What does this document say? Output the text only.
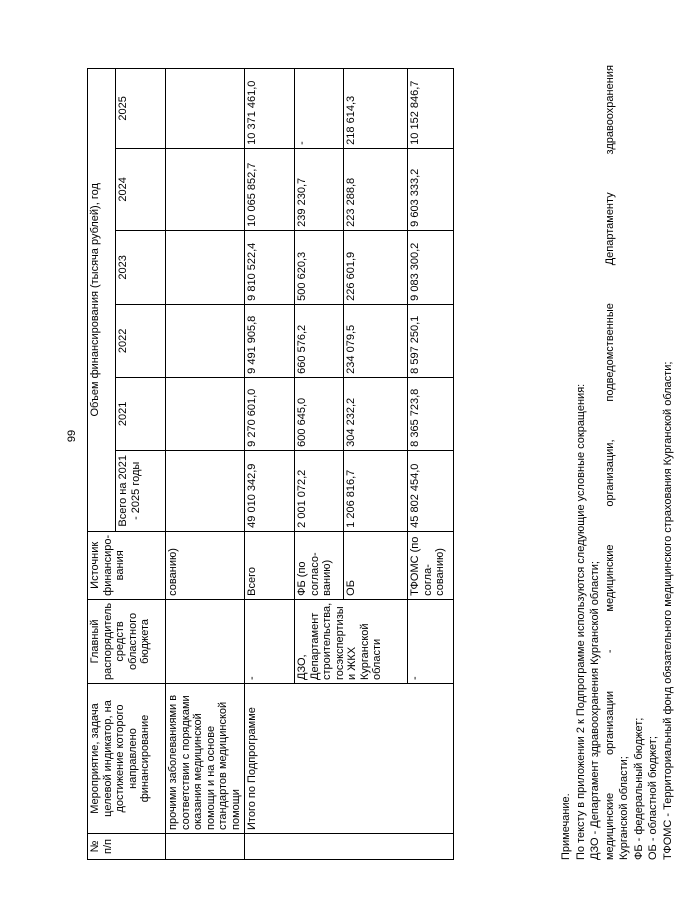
99
№ п/п	Мероприятие, задача целевой индикатор, на достижение которого направлено финансирование	Главный распорядитель средств областного бюджета	Источник финансиро-вания	Объем финансирования (тысяча рублей), год					
				Всего на 2021 - 2025 годы	2021	2022	2023	2024	2025
	прочими заболеваниями в соответствии с порядками оказания медицинской помощи и на основе стандартов медицинской помощи		сованию)						
	Итого по Подпрограмме	-	Всего	49 010 342,9	9 270 601,0	9 491 905,8	9 810 522,4	10 065 852,7	10 371 461,0
		ДЗО, Департамент строительства, госэкспертизы и ЖКХ Курганской области	ФБ (по согласо-ванию)	2 001 072,2	600 645,0	660 576,2	500 620,3	239 230,7	-
			ОБ	1 206 816,7	304 232,2	234 079,5	226 601,9	223 288,8	218 614,3
		-	ТФОМС (по согла-сованию)	45 802 454,0	8 365 723,8	8 597 250,1	9 083 300,2	9 603 333,2	10 152 846,7
Примечание. По тексту в приложении 2 к Подпрограмме используются следующие условные сокращения: ДЗО - Департамент здравоохранения Курганской области; медицинские
организации
-
медицинские
организации,
подведомственные
Департаменту
здравоохранения
Курганской области; ФБ - федеральный бюджет; ОБ - областной бюджет; ТФОМС - Территориальный фонд обязательного медицинского страхования Курганской области;
